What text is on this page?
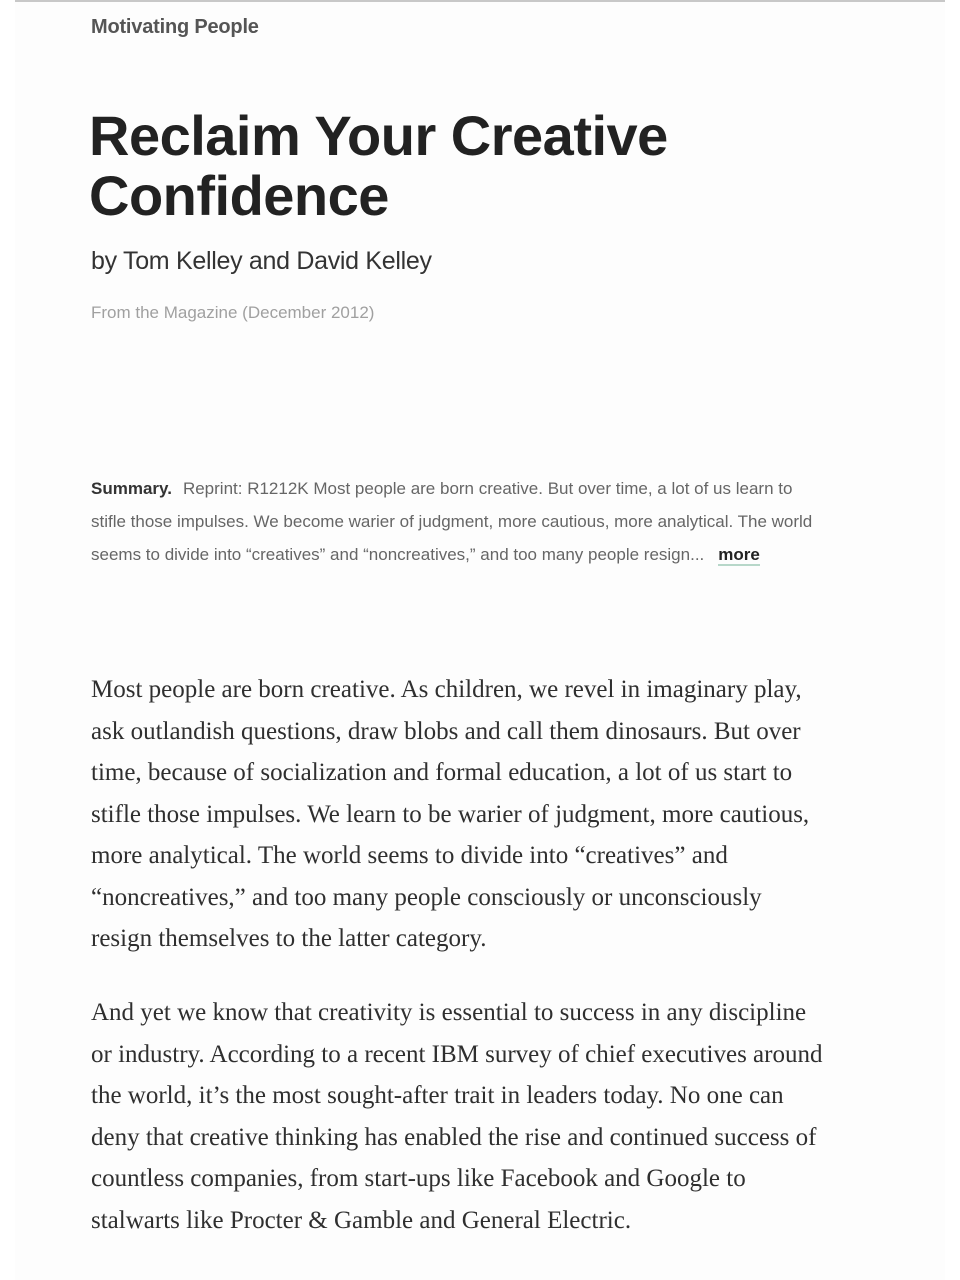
Motivating People
Reclaim Your Creative
Confidence
by Tom Kelley and David Kelley
From the Magazine (December 2012)
Summary. Reprint: R1212K Most people are born creative. But over time, a lot of us learn to
stifle those impulses. We become warier of judgment, more cautious, more analytical. The world
seems to divide into “creatives” and “noncreatives,” and too many people resign... more

Most people are born creative. As children, we revel in imaginary play,
ask outlandish questions, draw blobs and call them dinosaurs. But over
time, because of socialization and formal education, a lot of us start to
stifle those impulses. We learn to be warier of judgment, more cautious,
more analytical. The world seems to divide into “creatives” and
“noncreatives,” and too many people consciously or unconsciously
resign themselves to the latter category.

And yet we know that creativity is essential to success in any discipline
or industry. According to a recent IBM survey of chief executives around
the world, it’s the most sought-after trait in leaders today. No one can
deny that creative thinking has enabled the rise and continued success of
countless companies, from start-ups like Facebook and Google to
stalwarts like Procter & Gamble and General Electric.
